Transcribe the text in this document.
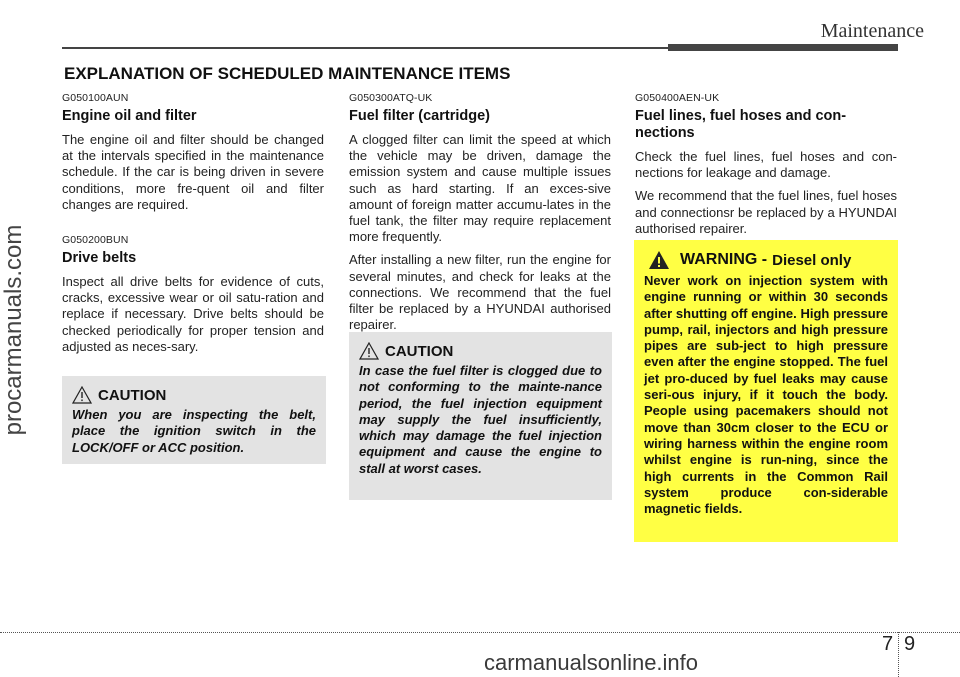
Maintenance
procarmanuals.com
EXPLANATION OF SCHEDULED MAINTENANCE ITEMS

G050100AUN

Engine oil and filter

The engine oil and filter should be changed at the intervals specified in the maintenance schedule. If the car is being driven in severe conditions, more fre-quent oil and filter changes are required.

G050200BUN

Drive belts

Inspect all drive belts for evidence of cuts, cracks, excessive wear or oil satu-ration and replace if necessary. Drive belts should be checked periodically for proper tension and adjusted as neces-sary.

CAUTION

When you are inspecting the belt, place the ignition switch in the LOCK/OFF or ACC position.

G050300ATQ-UK

Fuel filter (cartridge)

A clogged filter can limit the speed at which the vehicle may be driven, damage the emission system and cause multiple issues such as hard starting. If an exces-sive amount of foreign matter accumu-lates in the fuel tank, the filter may require replacement more frequently.

After installing a new filter, run the engine for several minutes, and check for leaks at the connections. We recommend that the fuel filter be replaced by a HYUNDAI authorised repairer.

CAUTION

In case the fuel filter is clogged due to not conforming to the mainte-nance period, the fuel injection equipment may supply the fuel insufficiently, which may damage the fuel injection equipment and cause the engine to stall at worst cases.

G050400AEN-UK

Fuel lines, fuel hoses and con-nections

Check the fuel lines, fuel hoses and con-nections for leakage and damage.

We recommend that the fuel lines, fuel hoses and connectionsr be replaced by a HYUNDAI authorised repairer.

WARNING - Diesel only

Never work on injection system with engine running or within 30 seconds after shutting off engine. High pressure pump, rail, injectors and high pressure pipes are sub-ject to high pressure even after the engine stopped. The fuel jet pro-duced by fuel leaks may cause seri-ous injury, if it touch the body. People using pacemakers should not move than 30cm closer to the ECU or wiring harness within the engine room whilst engine is run-ning, since the high currents in the Common Rail system produce con-siderable magnetic fields.

7 9
carmanualsonline.info
